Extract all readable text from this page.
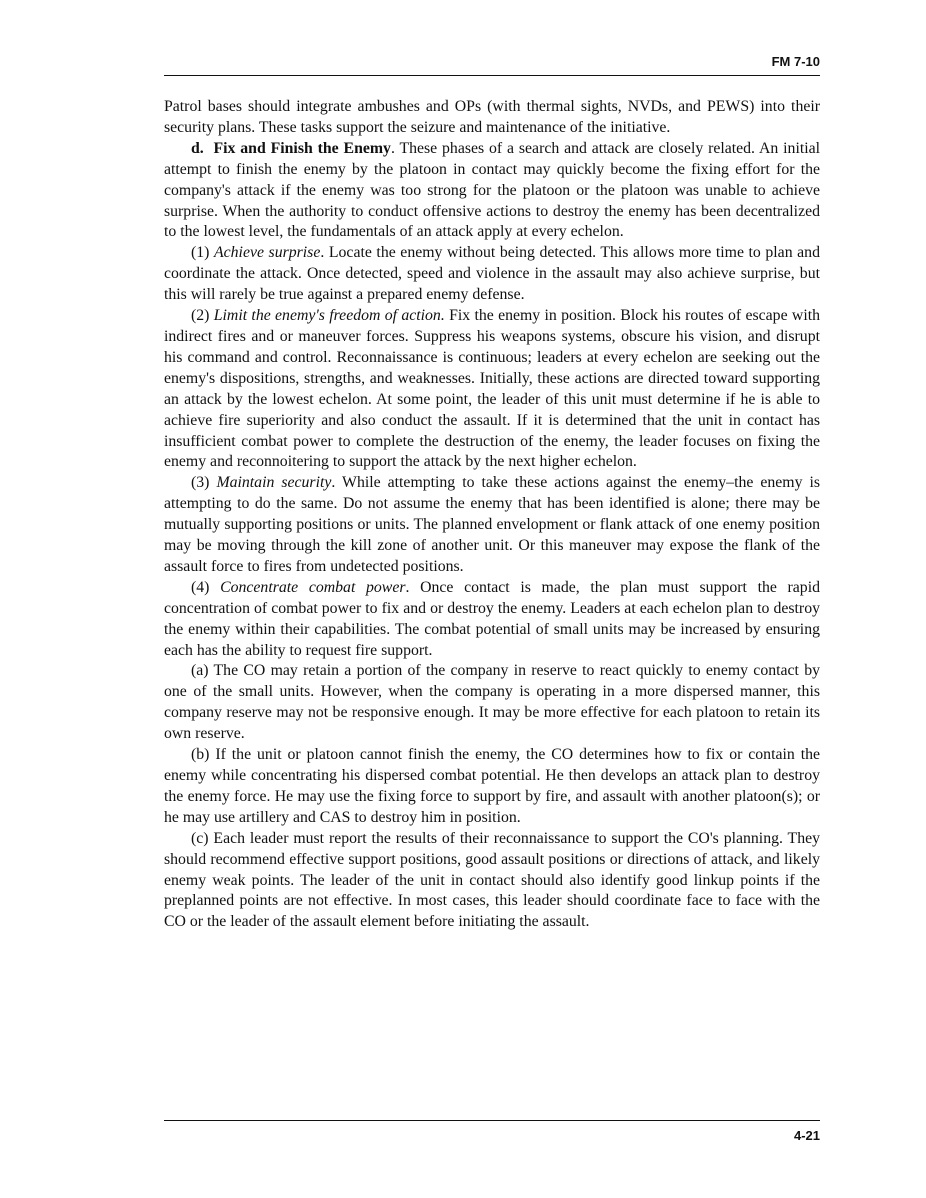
FM 7-10

Patrol bases should integrate ambushes and OPs (with thermal sights, NVDs, and PEWS) into their security plans. These tasks support the seizure and maintenance of the initiative.

d. Fix and Finish the Enemy. These phases of a search and attack are closely related. An initial attempt to finish the enemy by the platoon in contact may quickly become the fixing effort for the company's attack if the enemy was too strong for the platoon or the platoon was unable to achieve surprise. When the authority to conduct offensive actions to destroy the enemy has been decentralized to the lowest level, the fundamentals of an attack apply at every echelon.

(1) Achieve surprise. Locate the enemy without being detected. This allows more time to plan and coordinate the attack. Once detected, speed and violence in the assault may also achieve surprise, but this will rarely be true against a prepared enemy defense.

(2) Limit the enemy's freedom of action. Fix the enemy in position. Block his routes of escape with indirect fires and or maneuver forces. Suppress his weapons systems, obscure his vision, and disrupt his command and control. Reconnaissance is continuous; leaders at every echelon are seeking out the enemy's dispositions, strengths, and weaknesses. Initially, these actions are directed toward supporting an attack by the lowest echelon. At some point, the leader of this unit must determine if he is able to achieve fire superiority and also conduct the assault. If it is determined that the unit in contact has insufficient combat power to complete the destruction of the enemy, the leader focuses on fixing the enemy and reconnoitering to support the attack by the next higher echelon.

(3) Maintain security. While attempting to take these actions against the enemy–the enemy is attempting to do the same. Do not assume the enemy that has been identified is alone; there may be mutually supporting positions or units. The planned envelopment or flank attack of one enemy position may be moving through the kill zone of another unit. Or this maneuver may expose the flank of the assault force to fires from undetected positions.

(4) Concentrate combat power. Once contact is made, the plan must support the rapid concentration of combat power to fix and or destroy the enemy. Leaders at each echelon plan to destroy the enemy within their capabilities. The combat potential of small units may be increased by ensuring each has the ability to request fire support.

(a) The CO may retain a portion of the company in reserve to react quickly to enemy contact by one of the small units. However, when the company is operating in a more dispersed manner, this company reserve may not be responsive enough. It may be more effective for each platoon to retain its own reserve.

(b) If the unit or platoon cannot finish the enemy, the CO determines how to fix or contain the enemy while concentrating his dispersed combat potential. He then develops an attack plan to destroy the enemy force. He may use the fixing force to support by fire, and assault with another platoon(s); or he may use artillery and CAS to destroy him in position.

(c) Each leader must report the results of their reconnaissance to support the CO's planning. They should recommend effective support positions, good assault positions or directions of attack, and likely enemy weak points. The leader of the unit in contact should also identify good linkup points if the preplanned points are not effective. In most cases, this leader should coordinate face to face with the CO or the leader of the assault element before initiating the assault.

4-21
